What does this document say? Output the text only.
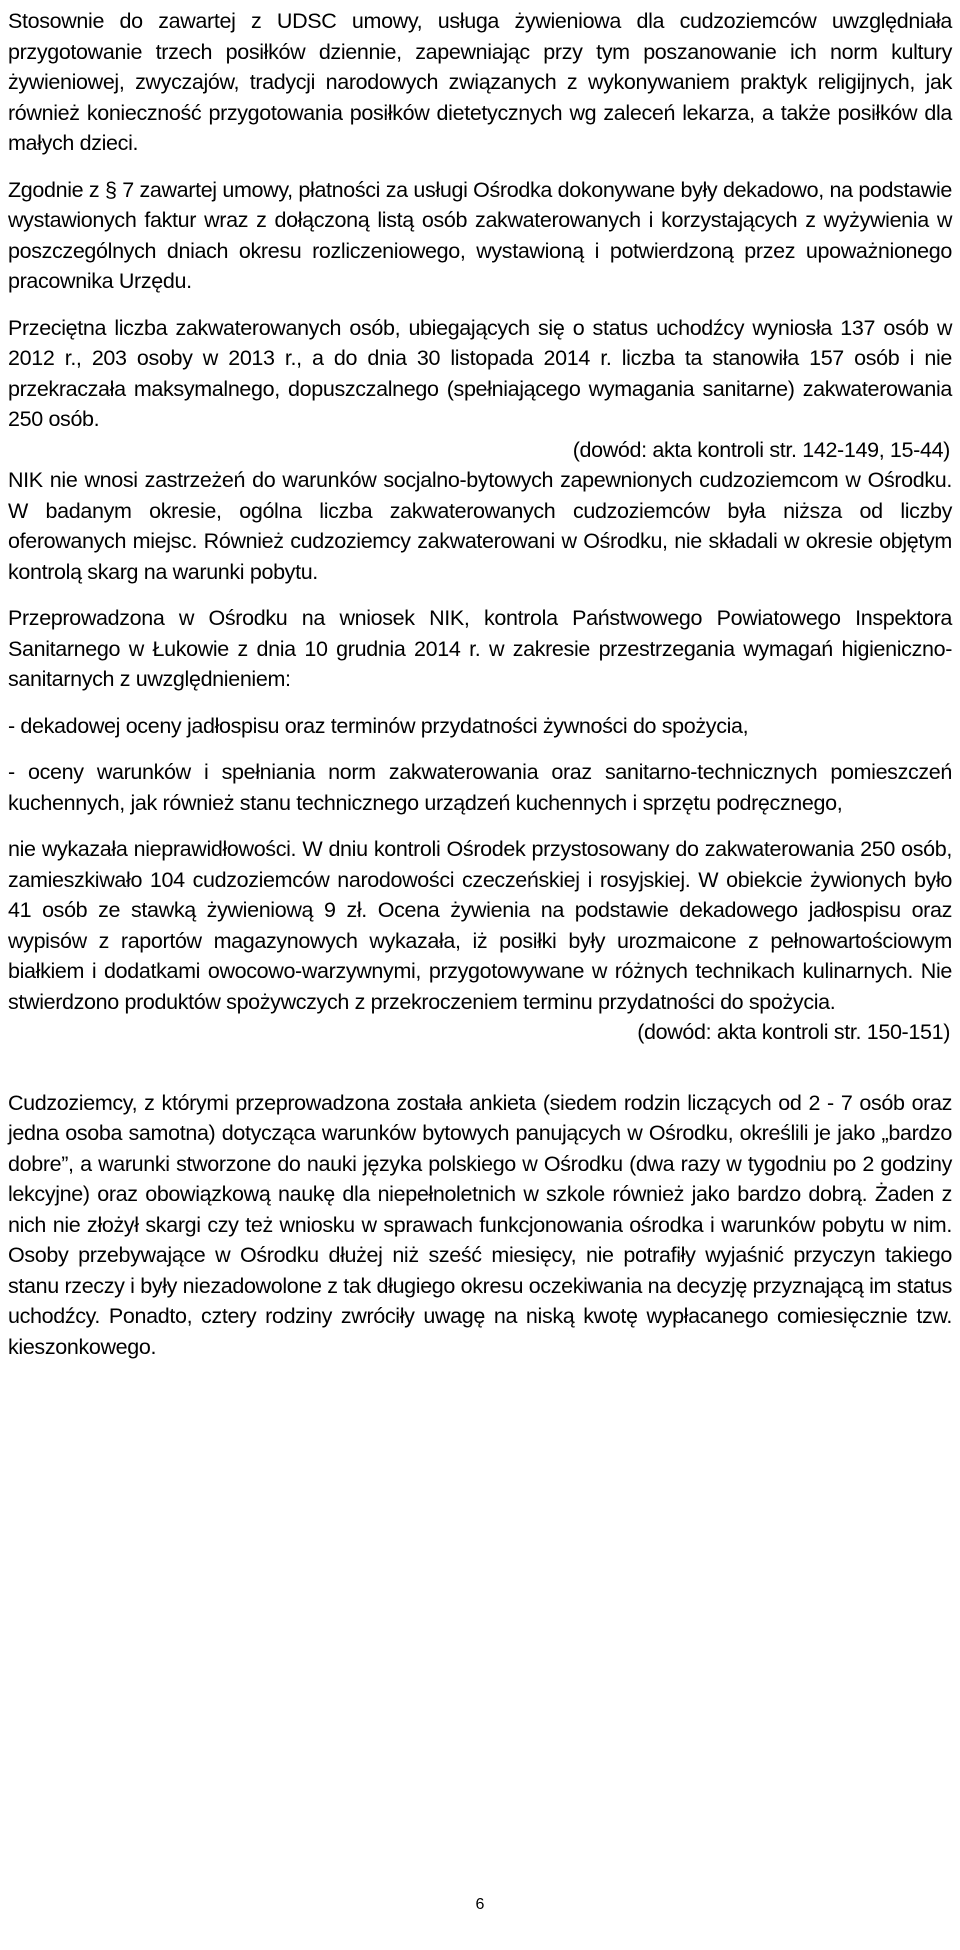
Stosownie do zawartej z UDSC umowy, usługa żywieniowa dla cudzoziemców uwzględniała przygotowanie trzech posiłków dziennie, zapewniając przy tym poszanowanie ich norm kultury żywieniowej, zwyczajów, tradycji narodowych związanych z wykonywaniem praktyk religijnych, jak również konieczność przygotowania posiłków dietetycznych wg zaleceń lekarza, a także posiłków dla małych dzieci.

Zgodnie z § 7 zawartej umowy, płatności za usługi Ośrodka dokonywane były dekadowo, na podstawie wystawionych faktur wraz z dołączoną listą osób zakwaterowanych i korzystających z wyżywienia w poszczególnych dniach okresu rozliczeniowego, wystawioną i potwierdzoną przez upoważnionego pracownika Urzędu.

Przeciętna liczba zakwaterowanych osób, ubiegających się o status uchodźcy wyniosła 137 osób w 2012 r., 203 osoby w 2013 r., a do dnia 30 listopada 2014 r. liczba ta stanowiła 157 osób i nie przekraczała maksymalnego, dopuszczalnego (spełniającego wymagania sanitarne) zakwaterowania 250 osób.

(dowód: akta kontroli str. 142-149, 15-44)

NIK nie wnosi zastrzeżeń do warunków socjalno-bytowych zapewnionych cudzoziemcom w Ośrodku. W badanym okresie, ogólna liczba zakwaterowanych cudzoziemców była niższa od liczby oferowanych miejsc. Również cudzoziemcy zakwaterowani w Ośrodku, nie składali w okresie objętym kontrolą skarg na warunki pobytu.

Przeprowadzona w Ośrodku na wniosek NIK, kontrola Państwowego Powiatowego Inspektora Sanitarnego w Łukowie z dnia 10 grudnia 2014 r. w zakresie przestrzegania wymagań higieniczno-sanitarnych z uwzględnieniem:

- dekadowej oceny jadłospisu oraz terminów przydatności żywności do spożycia,

- oceny warunków i spełniania norm zakwaterowania oraz sanitarno-technicznych pomieszczeń kuchennych, jak również stanu technicznego urządzeń kuchennych i sprzętu podręcznego,

nie wykazała nieprawidłowości. W dniu kontroli Ośrodek przystosowany do zakwaterowania 250 osób, zamieszkiwało 104 cudzoziemców narodowości czeczeńskiej i rosyjskiej. W obiekcie żywionych było 41 osób ze stawką żywieniową 9 zł. Ocena żywienia na podstawie dekadowego jadłospisu oraz wypisów z raportów magazynowych wykazała, iż posiłki były urozmaicone z pełnowartościowym białkiem i dodatkami owocowo-warzywnymi, przygotowywane w różnych technikach kulinarnych. Nie stwierdzono produktów spożywczych z przekroczeniem terminu przydatności do spożycia.

(dowód: akta kontroli str. 150-151)

Cudzoziemcy, z którymi przeprowadzona została ankieta (siedem rodzin liczących od 2 - 7 osób oraz jedna osoba samotna) dotycząca warunków bytowych panujących w Ośrodku, określili je jako „bardzo dobre”, a warunki stworzone do nauki języka polskiego w Ośrodku (dwa razy w tygodniu po 2 godziny lekcyjne) oraz obowiązkową naukę dla niepełnoletnich w szkole również jako bardzo dobrą. Żaden z nich nie złożył skargi czy też wniosku w sprawach funkcjonowania ośrodka i warunków pobytu w nim. Osoby przebywające w Ośrodku dłużej niż sześć miesięcy, nie potrafiły wyjaśnić przyczyn takiego stanu rzeczy i były niezadowolone z tak długiego okresu oczekiwania na decyzję przyznającą im status uchodźcy. Ponadto, cztery rodziny zwróciły uwagę na niską kwotę wypłacanego comiesięcznie tzw. kieszonkowego.

6
